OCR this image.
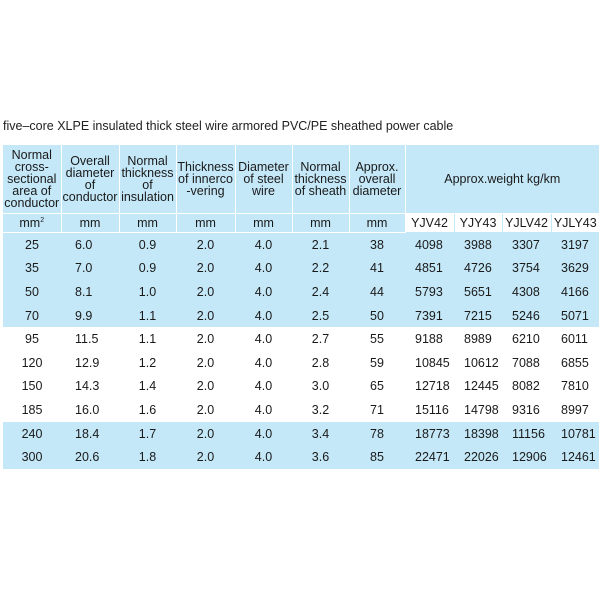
five–core XLPE insulated thick steel wire armored PVC/PE sheathed power cable
Normal cross-sectional area of conductor	Overall diameter of conductor	Normal thickness of insulation	Thickness of innerco -vering	Diameter of steel wire	Normal thickness of sheath	Approx. overall diameter	Approx.weight kg/km			
$mm^2$	mm	mm	mm	mm	mm	mm	YJV42	YJY43	YJLV42	YJLY43
25	6.0	0.9	2.0	4.0	2.1	38	4098	3988	3307	3197
35	7.0	0.9	2.0	4.0	2.2	41	4851	4726	3754	3629
50	8.1	1.0	2.0	4.0	2.4	44	5793	5651	4308	4166
70	9.9	1.1	2.0	4.0	2.5	50	7391	7215	5246	5071
95	11.5	1.1	2.0	4.0	2.7	55	9188	8989	6210	6011
120	12.9	1.2	2.0	4.0	2.8	59	10845	10612	7088	6855
150	14.3	1.4	2.0	4.0	3.0	65	12718	12445	8082	7810
185	16.0	1.6	2.0	4.0	3.2	71	15116	14798	9316	8997
240	18.4	1.7	2.0	4.0	3.4	78	18773	18398	11156	10781
300	20.6	1.8	2.0	4.0	3.6	85	22471	22026	12906	12461
